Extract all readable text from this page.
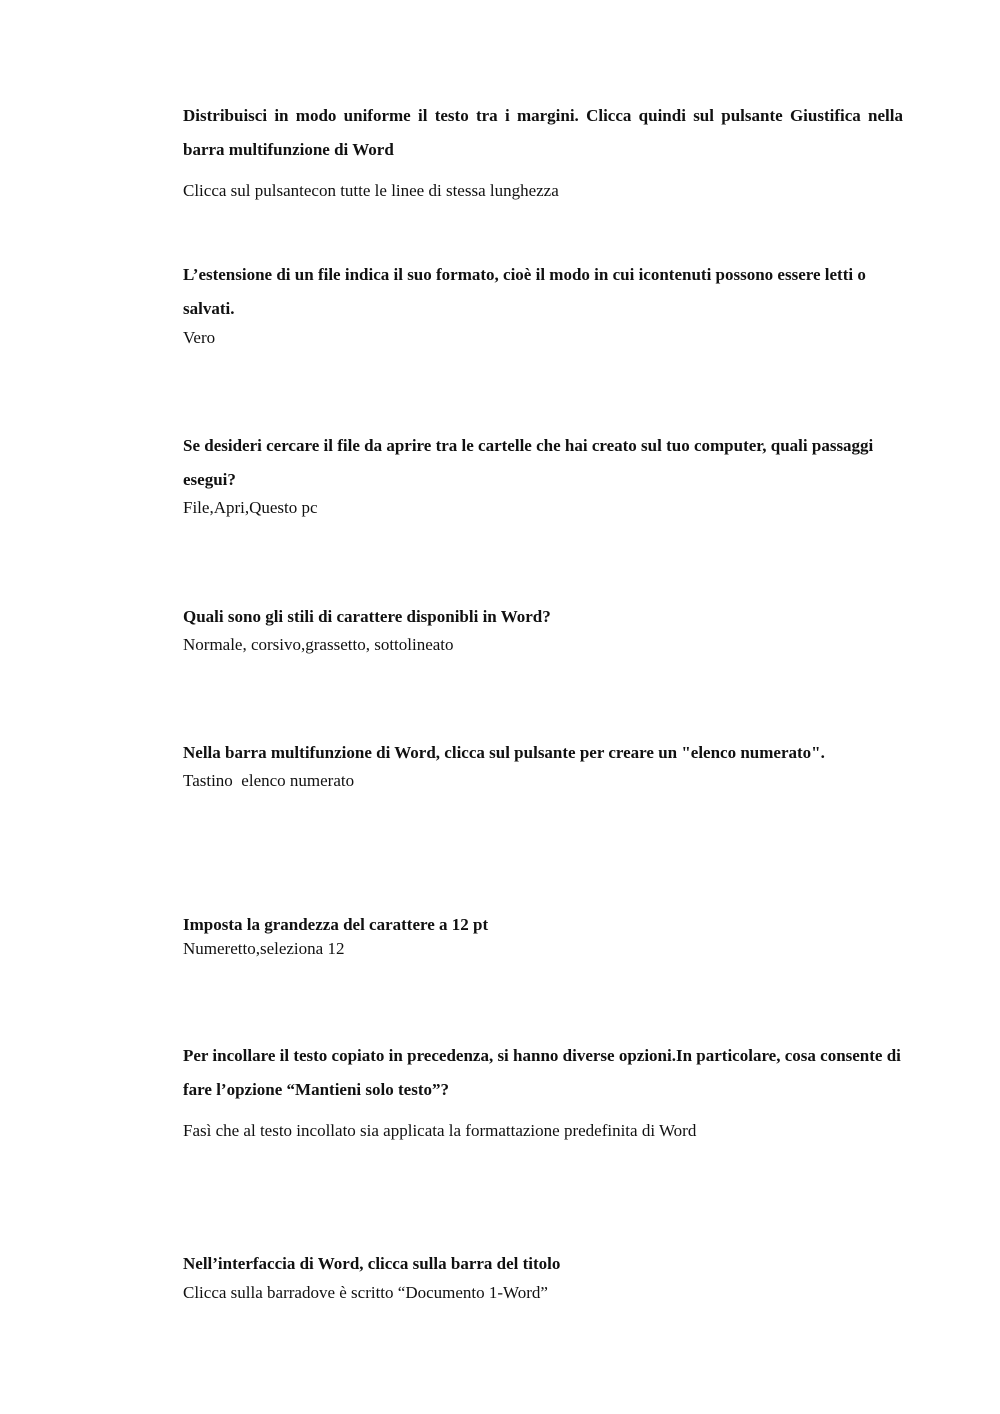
Distribuisci in modo uniforme il testo tra i margini. Clicca quindi sul pulsante Giustifica nella barra multifunzione di Word

Clicca sul pulsantecon tutte le linee di stessa lunghezza

L’estensione di un file indica il suo formato, cioè il modo in cui icontenuti possono essere letti o salvati.

Vero

Se desideri cercare il file da aprire tra le cartelle che hai creato sul tuo computer, quali passaggi esegui?

File,Apri,Questo pc

Quali sono gli stili di carattere disponibli in Word?

Normale, corsivo,grassetto, sottolineato

Nella barra multifunzione di Word, clicca sul pulsante per creare un "elenco numerato".

Tastino  elenco numerato

Imposta la grandezza del carattere a 12 pt

Numeretto,seleziona 12

Per incollare il testo copiato in precedenza, si hanno diverse opzioni.In particolare, cosa consente di fare l’opzione “Mantieni solo testo”?

Fasì che al testo incollato sia applicata la formattazione predefinita di Word

Nell’interfaccia di Word, clicca sulla barra del titolo

Clicca sulla barradove è scritto “Documento 1-Word”
